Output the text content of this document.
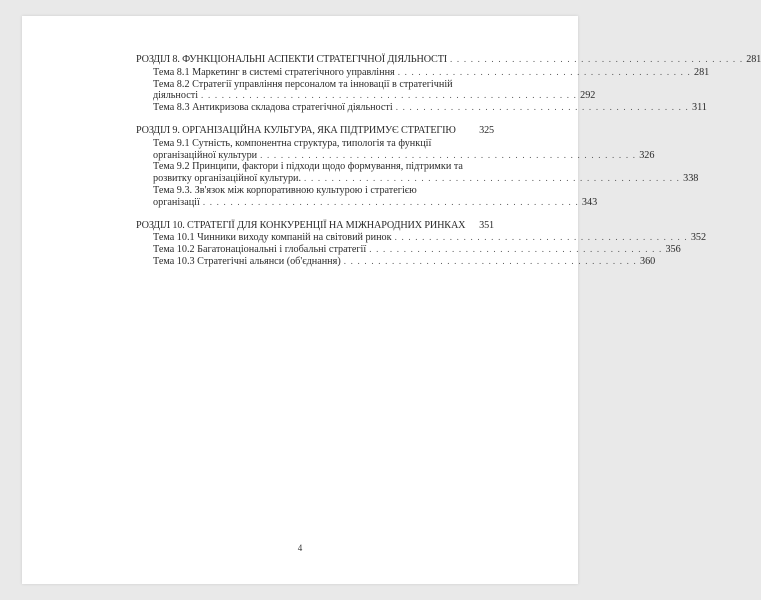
РОЗДІЛ 8. ФУНКЦІОНАЛЬНІ АСПЕКТИ СТРАТЕГІЧНОЇ ДІЯЛЬНОСТІ . . . . . . . . . . . . . . . . . . . . . . . . . . . . . . . . . . . . . . . . . . . 281
Тема 8.1 Маркетинг в системі стратегічного управління . . . . . . . . . . . . . . . . . . . . . . . . . . . . . . . . . . . . . . . . . . . 281
Тема 8.2 Стратегії управління персоналом та інновації в стратегічній
діяльності . . . . . . . . . . . . . . . . . . . . . . . . . . . . . . . . . . . . . . . . . . . . . . . . . . . . . . . 292
Тема 8.3 Антикризова складова стратегічної діяльності . . . . . . . . . . . . . . . . . . . . . . . . . . . . . . . . . . . . . . . . . . . 311
РОЗДІЛ 9. ОРГАНІЗАЦІЙНА КУЛЬТУРА, ЯКА ПІДТРИМУЄ СТРАТЕГІЮ	325
Тема 9.1 Сутність, компонентна структура, типологія та функції
організаційної культури . . . . . . . . . . . . . . . . . . . . . . . . . . . . . . . . . . . . . . . . . . . . . . . . . . . . . . . 326
Тема 9.2 Принципи, фактори і підходи щодо формування, підтримки та
розвитку організаційної культури. . . . . . . . . . . . . . . . . . . . . . . . . . . . . . . . . . . . . . . . . . . . . . . . . . . . . . . . 338
Тема 9.3. Зв'язок між корпоративною культурою і стратегією
організації . . . . . . . . . . . . . . . . . . . . . . . . . . . . . . . . . . . . . . . . . . . . . . . . . . . . . . . 343
РОЗДІЛ 10. СТРАТЕГІЇ ДЛЯ КОНКУРЕНЦІЇ НА МІЖНАРОДНИХ РИНКАХ	351
Тема 10.1 Чинники виходу компаній на світовий ринок . . . . . . . . . . . . . . . . . . . . . . . . . . . . . . . . . . . . . . . . . . . 352
Тема 10.2 Багатонаціональні і глобальні стратегії . . . . . . . . . . . . . . . . . . . . . . . . . . . . . . . . . . . . . . . . . . . 356
Тема 10.3 Стратегічні альянси (об'єднання) . . . . . . . . . . . . . . . . . . . . . . . . . . . . . . . . . . . . . . . . . . . 360
4
